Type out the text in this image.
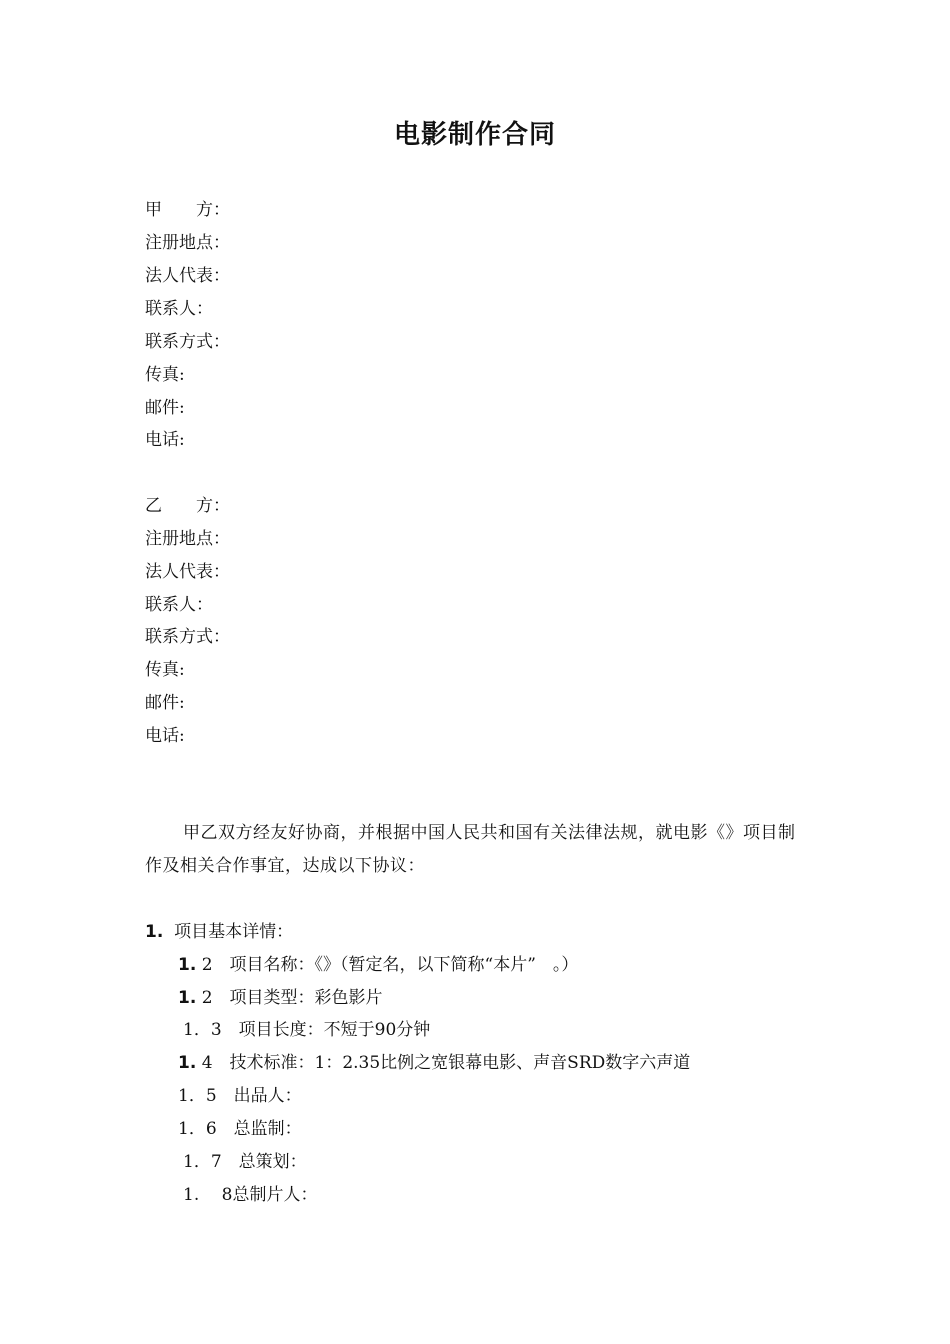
电影制作合同
甲　　方：
注册地点：
法人代表：
联系人：
联系方式：
传真:
邮件:
电话:
乙　　方：
注册地点：
法人代表：
联系人：
联系方式：
传真:
邮件:
电话:
甲乙双方经友好协商，并根据中国人民共和国有关法律法规，就电影《》项目制作及相关合作事宜，达成以下协议：
1. 项目基本详情：
1. 2　项目名称：《》（暂定名，以下简称“本片”　。）
1. 2　项目类型：彩色影片
1．3　项目长度：不短于90分钟
1. 4　技术标准：1：2.35比例之宽银幕电影、声音SRD数字六声道
1．5　出品人：
1．6　总监制：
1．7　总策划：
1.　 8总制片人：
